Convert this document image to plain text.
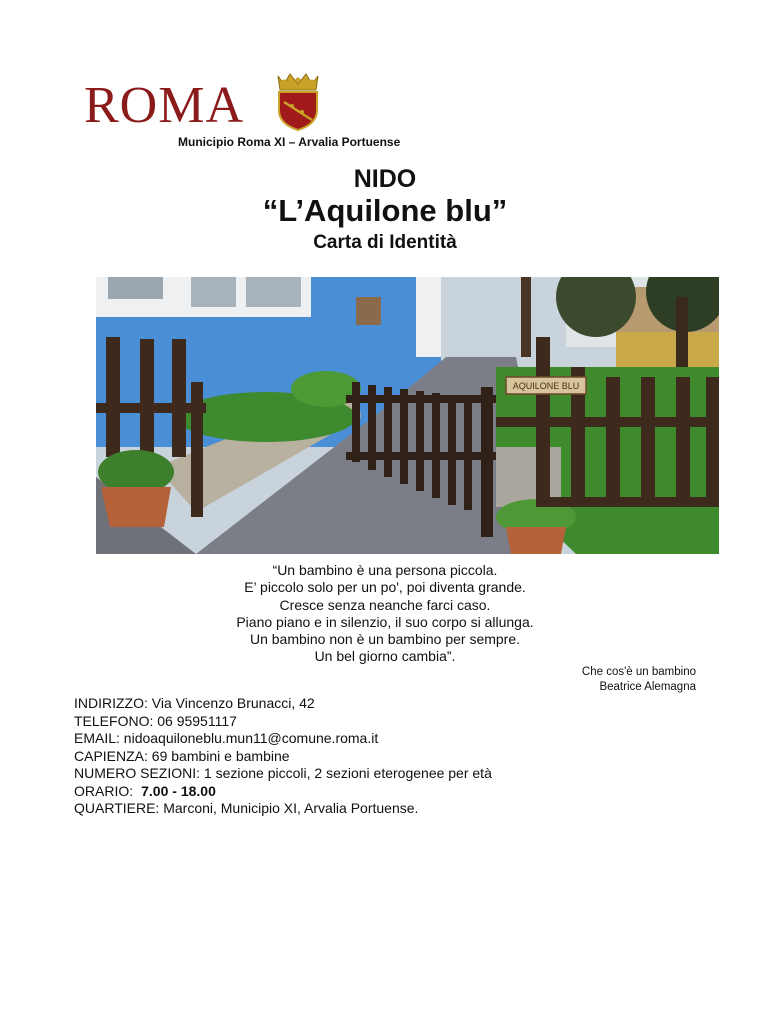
ROMA
Municipio Roma XI – Arvalia Portuense
NIDO
“L’Aquilone blu”
Carta di Identità
AQUILONE BLU
“Un bambino è una persona piccola.
E’ piccolo solo per un po', poi diventa grande.
Cresce senza neanche farci caso.
Piano piano e in silenzio, il suo corpo si allunga.
Un bambino non è un bambino per sempre.
Un bel giorno cambia”.
Che cos'è un bambino
Beatrice Alemagna
INDIRIZZO: Via Vincenzo Brunacci, 42
TELEFONO: 06 95951117
EMAIL: nidoaquiloneblu.mun11@comune.roma.it
CAPIENZA: 69 bambini e bambine
NUMERO SEZIONI: 1 sezione piccoli, 2 sezioni eterogenee per età
ORARIO: 7.00 - 18.00
QUARTIERE: Marconi, Municipio XI, Arvalia Portuense.
